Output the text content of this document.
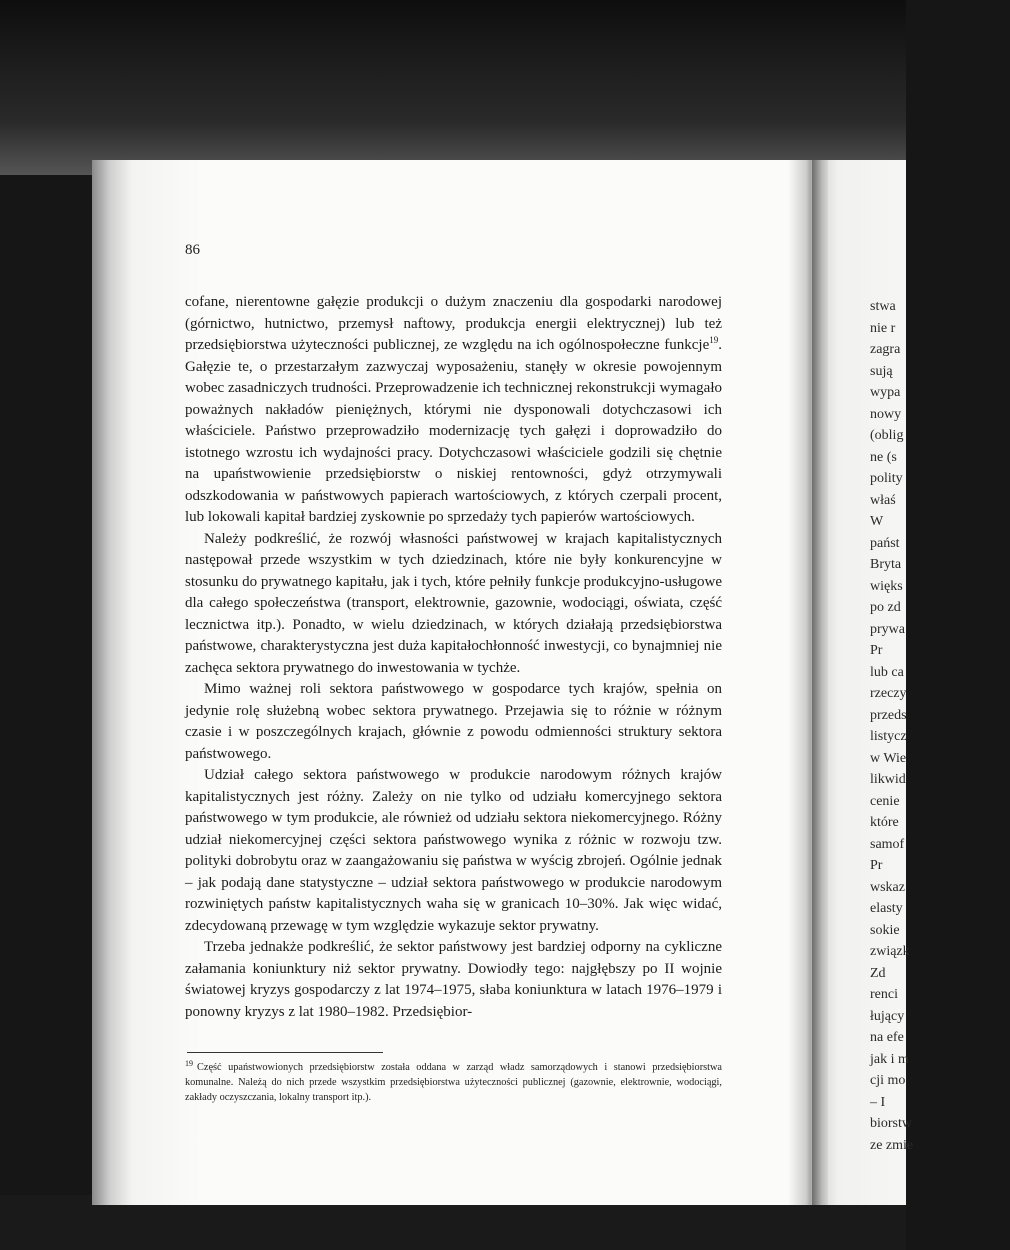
86

cofane, nierentowne gałęzie produkcji o dużym znaczeniu dla gospodarki narodowej (górnictwo, hutnictwo, przemysł naftowy, produkcja energii elektrycznej) lub też przedsiębiorstwa użyteczności publicznej, ze względu na ich ogólnospołeczne funkcje$^{19}$. Gałęzie te, o przestarzałym zazwyczaj wyposażeniu, stanęły w okresie powojennym wobec zasadniczych trudności. Przeprowadzenie ich technicznej rekonstrukcji wymagało poważnych nakładów pieniężnych, którymi nie dysponowali dotychczasowi ich właściciele. Państwo przeprowadziło modernizację tych gałęzi i doprowadziło do istotnego wzrostu ich wydajności pracy. Dotychczasowi właściciele godzili się chętnie na upaństwowienie przedsiębiorstw o niskiej rentowności, gdyż otrzymywali odszkodowania w państwowych papierach wartościowych, z których czerpali procent, lub lokowali kapitał bardziej zyskownie po sprzedaży tych papierów wartościowych.

Należy podkreślić, że rozwój własności państwowej w krajach kapitalistycznych następował przede wszystkim w tych dziedzinach, które nie były konkurencyjne w stosunku do prywatnego kapitału, jak i tych, które pełniły funkcje produkcyjno-usługowe dla całego społeczeństwa (transport, elektrownie, gazownie, wodociągi, oświata, część lecznictwa itp.). Ponadto, w wielu dziedzinach, w których działają przedsiębiorstwa państwowe, charakterystyczna jest duża kapitałochłonność inwestycji, co bynajmniej nie zachęca sektora prywatnego do inwestowania w tychże.

Mimo ważnej roli sektora państwowego w gospodarce tych krajów, spełnia on jedynie rolę służebną wobec sektora prywatnego. Przejawia się to różnie w różnym czasie i w poszczególnych krajach, głównie z powodu odmienności struktury sektora państwowego.

Udział całego sektora państwowego w produkcie narodowym różnych krajów kapitalistycznych jest różny. Zależy on nie tylko od udziału komercyjnego sektora państwowego w tym produkcie, ale również od udziału sektora niekomercyjnego. Różny udział niekomercyjnej części sektora państwowego wynika z różnic w rozwoju tzw. polityki dobrobytu oraz w zaangażowaniu się państwa w wyścig zbrojeń. Ogólnie jednak – jak podają dane statystyczne – udział sektora państwowego w produkcie narodowym rozwiniętych państw kapitalistycznych waha się w granicach 10–30%. Jak więc widać, zdecydowaną przewagę w tym względzie wykazuje sektor prywatny.

Trzeba jednakże podkreślić, że sektor państwowy jest bardziej odporny na cykliczne załamania koniunktury niż sektor prywatny. Dowiodły tego: najgłębszy po II wojnie światowej kryzys gospodarczy z lat 1974–1975, słaba koniunktura w latach 1976–1979 i ponowny kryzys z lat 1980–1982. Przedsiębior-

$^{19}$ Część upaństwowionych przedsiębiorstw została oddana w zarząd władz samorządowych i stanowi przedsiębiorstwa komunalne. Należą do nich przede wszystkim przedsiębiorstwa użyteczności publicznej (gazownie, elektrownie, wodociągi, zakłady oczyszczania, lokalny transport itp.).
stwa
nie r
zagra
sują
wypa
nowy
(oblig
ne (s
polity
właś
W
państ
Bryta
więks
po zd
prywa
Pr
lub ca
rzeczy
przeds
listycz
w Wie
likwid
cenie
które
samof
Pr
wskaz
elasty
sokie
związk
Zd
renci
łujący
na efe
jak i m
cji mo
– I
biorstw
ze zmie
